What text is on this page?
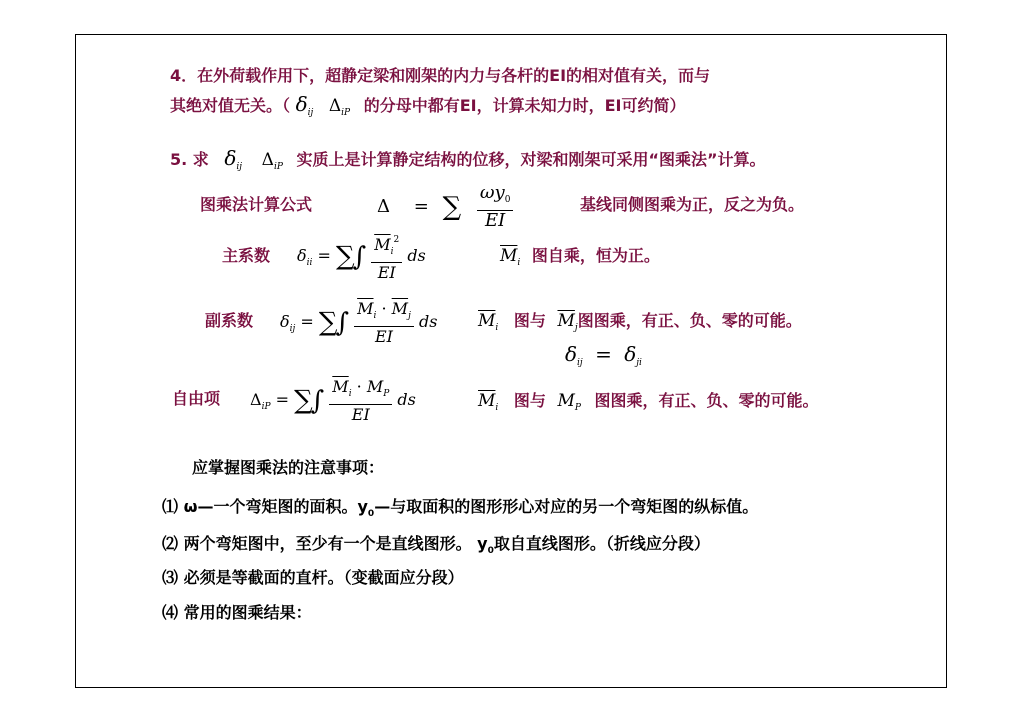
4．在外荷载作用下，超静定梁和刚架的内力与各杆的EI的相对值有关，而与
其绝对值无关。（ $\delta_{ij}$ $\Delta_{iP}$ 的分母中都有EI，计算未知力时，EI可约简）
5. 求 $\delta_{ij}$ $\Delta_{iP}$ 实质上是计算静定结构的位移，对梁和刚架可采用“图乘法”计算。
图乘法计算公式	Δ = ∑ $\frac{\omega y_0}{EI}$	基线同侧图乘为正，反之为负。
主系数 $\delta_{ii}$ = ∑∫ $\frac{\overline{M}_i^2}{EI}$ ds	$\overline{M}_i$ 图自乘，恒为正。
副系数 $\delta_{ij}$ = ∑∫ $\frac{\overline{M}_i \cdot \overline{M}_j}{EI}$ ds $\overline{M}_i$ 图与 $\overline{M}_j$图图乘，有正、负、零的可能。
$\delta_{ij} = \delta_{ji}$
自由项 $\Delta_{iP}$ = ∑∫ $\frac{\overline{M}_i \cdot M_P}{EI}$ ds	$\overline{M}_i$ 图与 $M_P$ 图图乘，有正、负、零的可能。
应掌握图乘法的注意事项：
⑴ ω—一个弯矩图的面积。$y_0—$与取面积的图形形心对应的另一个弯矩图的纵标值。
⑵ 两个弯矩图中，至少有一个是直线图形。 $y_0$取自直线图形。（折线应分段）
⑶ 必须是等截面的直杆。（变截面应分段）
⑷ 常用的图乘结果：
